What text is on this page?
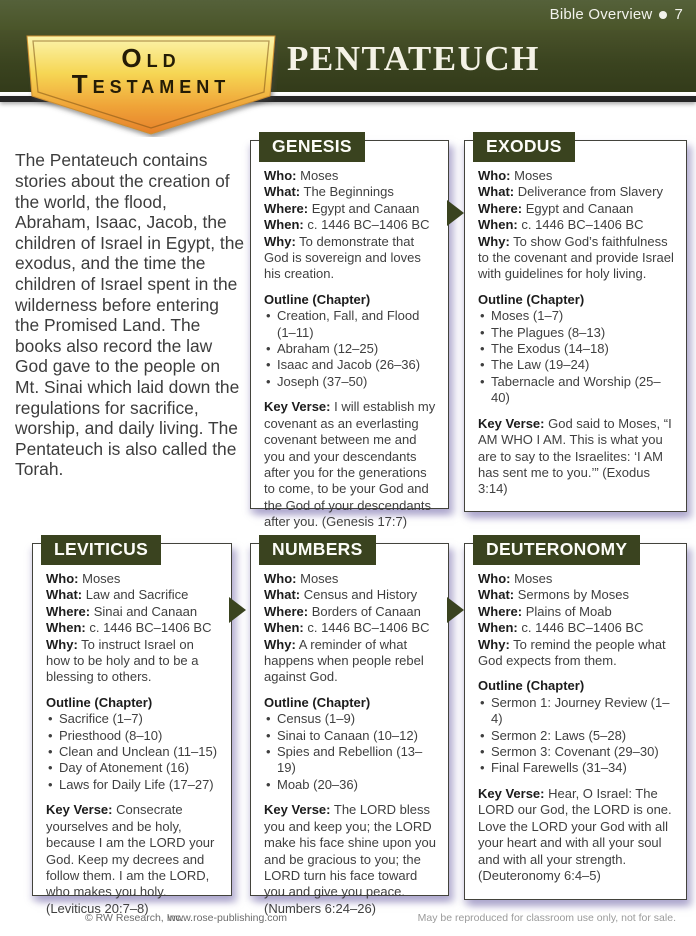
Bible Overview 7
PENTATEUCH
Old
Testament

The Pentateuch contains stories about the creation of the world, the flood, Abraham, Isaac, Jacob, the children of Israel in Egypt, the exodus, and the time the children of Israel spent in the wilderness before entering the Promised Land. The books also record the law God gave to the people on Mt. Sinai which laid down the regulations for sacrifice, worship, and daily living. The Pentateuch is also called the Torah.

GENESIS

Who: Moses

What: The Beginnings

Where: Egypt and Canaan

When: c. 1446 BC–1406 BC

Why: To demonstrate that God is sovereign and loves his creation.

Outline (Chapter)

• Creation, Fall, and Flood (1–11)
• Abraham (12–25)
• Isaac and Jacob (26–36)
• Joseph (37–50)

Key Verse: I will establish my covenant as an everlasting covenant between me and you and your descendants after you for the generations to come, to be your God and the God of your descendants after you. (Genesis 17:7)

EXODUS

Who: Moses

What: Deliverance from Slavery

Where: Egypt and Canaan

When: c. 1446 BC–1406 BC

Why: To show God’s faithfulness to the covenant and provide Israel with guidelines for holy living.

Outline (Chapter)

• Moses (1–7)
• The Plagues (8–13)
• The Exodus (14–18)
• The Law (19–24)
• Tabernacle and Worship (25–40)

Key Verse: God said to Moses, “I AM WHO I AM. This is what you are to say to the Israelites: ‘I AM has sent me to you.’” (Exodus 3:14)

LEVITICUS

Who: Moses

What: Law and Sacrifice

Where: Sinai and Canaan

When: c. 1446 BC–1406 BC

Why: To instruct Israel on how to be holy and to be a blessing to others.

Outline (Chapter)

• Sacrifice (1–7)
• Priesthood (8–10)
• Clean and Unclean (11–15)
• Day of Atonement (16)
• Laws for Daily Life (17–27)

Key Verse: Consecrate yourselves and be holy, because I am the LORD your God. Keep my decrees and follow them. I am the LORD, who makes you holy. (Leviticus 20:7–8)

NUMBERS

Who: Moses

What: Census and History

Where: Borders of Canaan

When: c. 1446 BC–1406 BC

Why: A reminder of what happens when people rebel against God.

Outline (Chapter)

• Census (1–9)
• Sinai to Canaan (10–12)
• Spies and Rebellion (13–19)
• Moab (20–36)

Key Verse: The LORD bless you and keep you; the LORD make his face shine upon you and be gracious to you; the LORD turn his face toward you and give you peace. (Numbers 6:24–26)

DEUTERONOMY

Who: Moses

What: Sermons by Moses

Where: Plains of Moab

When: c. 1446 BC–1406 BC

Why: To remind the people what God expects from them.

Outline (Chapter)

• Sermon 1: Journey Review (1–4)
• Sermon 2: Laws (5–28)
• Sermon 3: Covenant (29–30)
• Final Farewells (31–34)

Key Verse: Hear, O Israel: The LORD our God, the LORD is one. Love the LORD your God with all your heart and with all your soul and with all your strength. (Deuteronomy 6:4–5)

© RW Research, Inc.
www.rose-publishing.com	May be reproduced for classroom use only, not for sale.
